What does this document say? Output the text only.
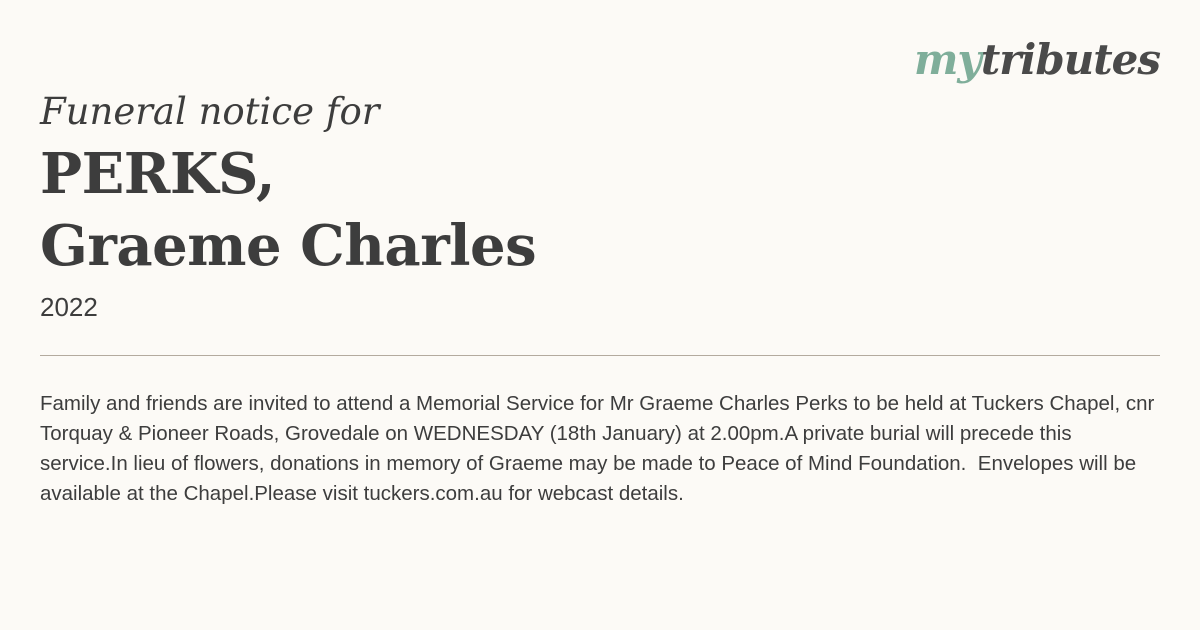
mytributes
Funeral notice for
PERKS,
Graeme Charles
2022

Family and friends are invited to attend a Memorial Service for Mr Graeme Charles Perks to be held at Tuckers Chapel, cnr Torquay & Pioneer Roads, Grovedale on WEDNESDAY (18th January) at 2.00pm.A private burial will precede this service.In lieu of flowers, donations in memory of Graeme may be made to Peace of Mind Foundation.  Envelopes will be available at the Chapel.Please visit tuckers.com.au for webcast details.
